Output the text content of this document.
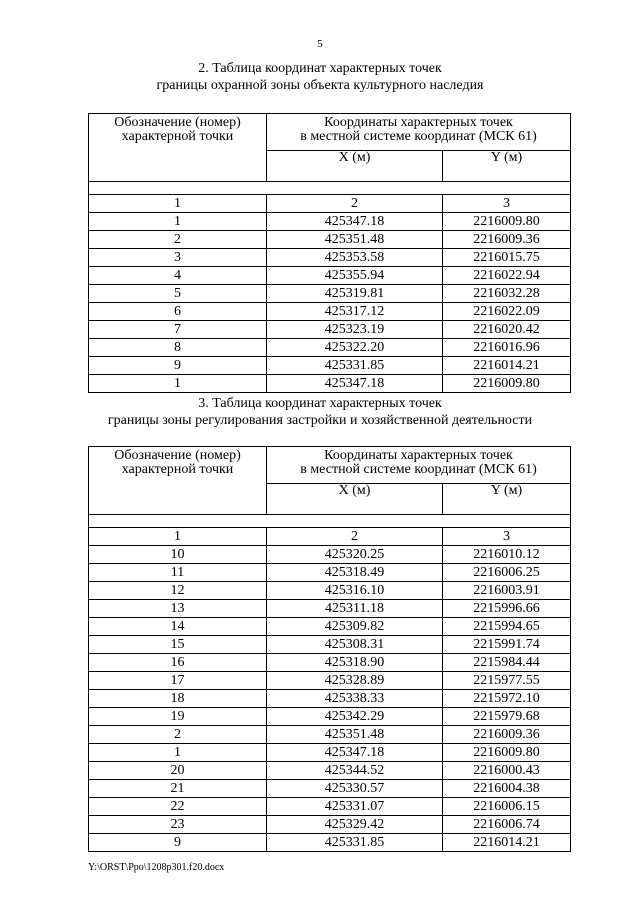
5
2. Таблица координат характерных точек
границы охранной зоны объекта культурного наследия
Обозначение (номер)
характерной точки	Координаты характерных точек
в местной системе координат (МСК 61)	

	X (м)	Y (м)

1	2	3
1	425347.18	2216009.80
2	425351.48	2216009.36
3	425353.58	2216015.75
4	425355.94	2216022.94
5	425319.81	2216032.28
6	425317.12	2216022.09
7	425323.19	2216020.42
8	425322.20	2216016.96
9	425331.85	2216014.21
1	425347.18	2216009.80
3. Таблица координат характерных точек
границы зоны регулирования застройки и хозяйственной деятельности
Обозначение (номер)
характерной точки	Координаты характерных точек
в местной системе координат (МСК 61)	

	X (м)	Y (м)

1	2	3
10	425320.25	2216010.12
11	425318.49	2216006.25
12	425316.10	2216003.91
13	425311.18	2215996.66
14	425309.82	2215994.65
15	425308.31	2215991.74
16	425318.90	2215984.44
17	425328.89	2215977.55
18	425338.33	2215972.10
19	425342.29	2215979.68
2	425351.48	2216009.36
1	425347.18	2216009.80
20	425344.52	2216000.43
21	425330.57	2216004.38
22	425331.07	2216006.15
23	425329.42	2216006.74
9	425331.85	2216014.21
Y:\ORST\Ppo\1208p301.f20.docx
